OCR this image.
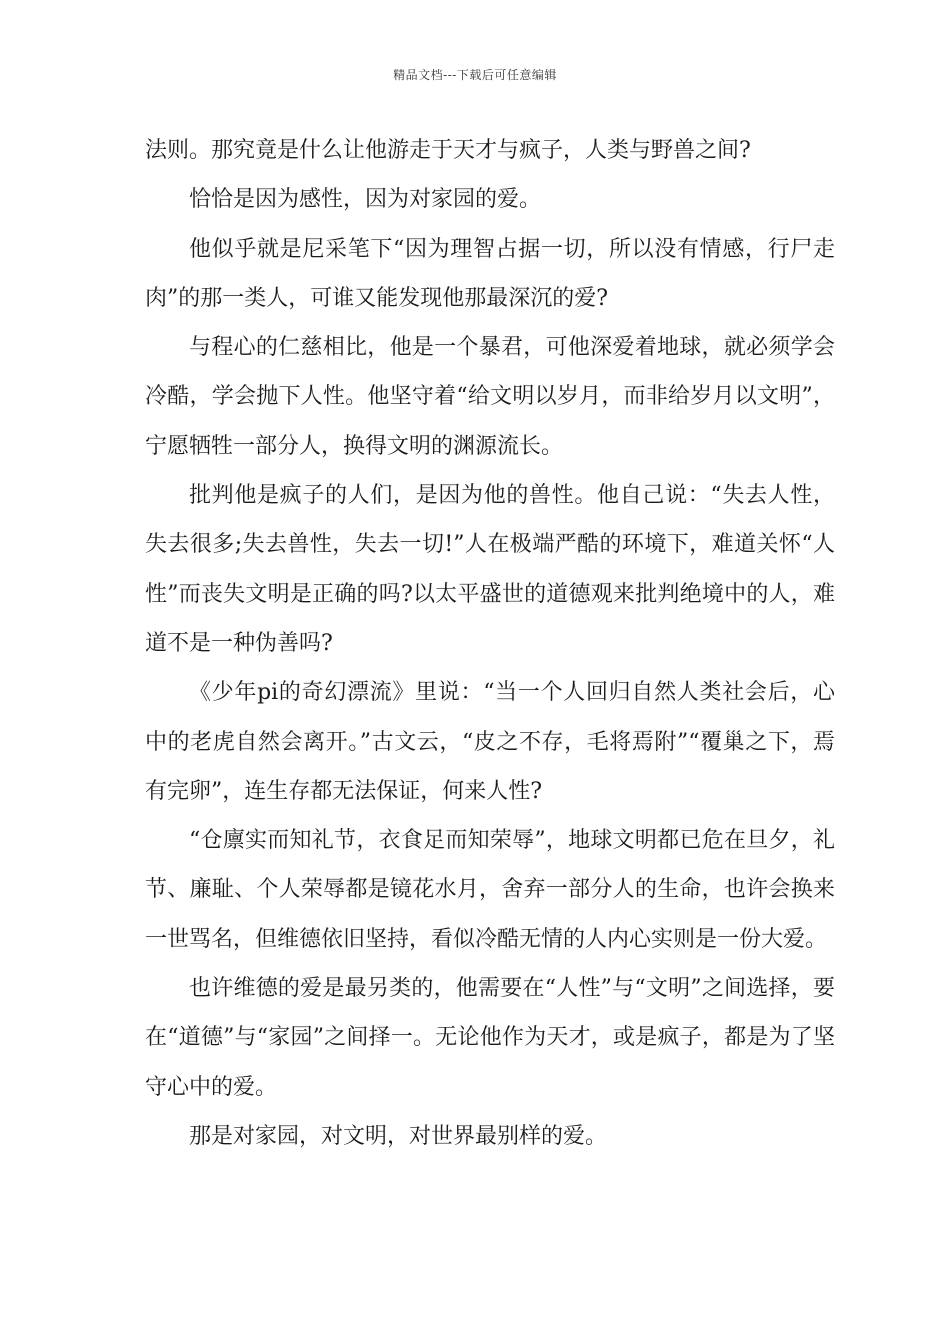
精品文档---下载后可任意编辑

法则。那究竟是什么让他游走于天才与疯子，人类与野兽之间?

恰恰是因为感性，因为对家园的爱。

他似乎就是尼采笔下“因为理智占据一切，所以没有情感，行尸走肉”的那一类人，可谁又能发现他那最深沉的爱?

与程心的仁慈相比，他是一个暴君，可他深爱着地球，就必须学会冷酷，学会抛下人性。他坚守着“给文明以岁月，而非给岁月以文明”，宁愿牺牲一部分人，换得文明的渊源流长。

批判他是疯子的人们，是因为他的兽性。他自己说：“失去人性，失去很多;失去兽性，失去一切!”人在极端严酷的环境下，难道关怀“人性”而丧失文明是正确的吗?以太平盛世的道德观来批判绝境中的人，难道不是一种伪善吗?

《少年pi的奇幻漂流》里说：“当一个人回归自然人类社会后，心中的老虎自然会离开。”古文云，“皮之不存，毛将焉附”“覆巢之下，焉有完卵”，连生存都无法保证，何来人性?

“仓廪实而知礼节，衣食足而知荣辱”，地球文明都已危在旦夕，礼节、廉耻、个人荣辱都是镜花水月，舍弃一部分人的生命，也许会换来一世骂名，但维德依旧坚持，看似冷酷无情的人内心实则是一份大爱。

也许维德的爱是最另类的，他需要在“人性”与“文明”之间选择，要在“道德”与“家园”之间择一。无论他作为天才，或是疯子，都是为了坚守心中的爱。

那是对家园，对文明，对世界最别样的爱。
